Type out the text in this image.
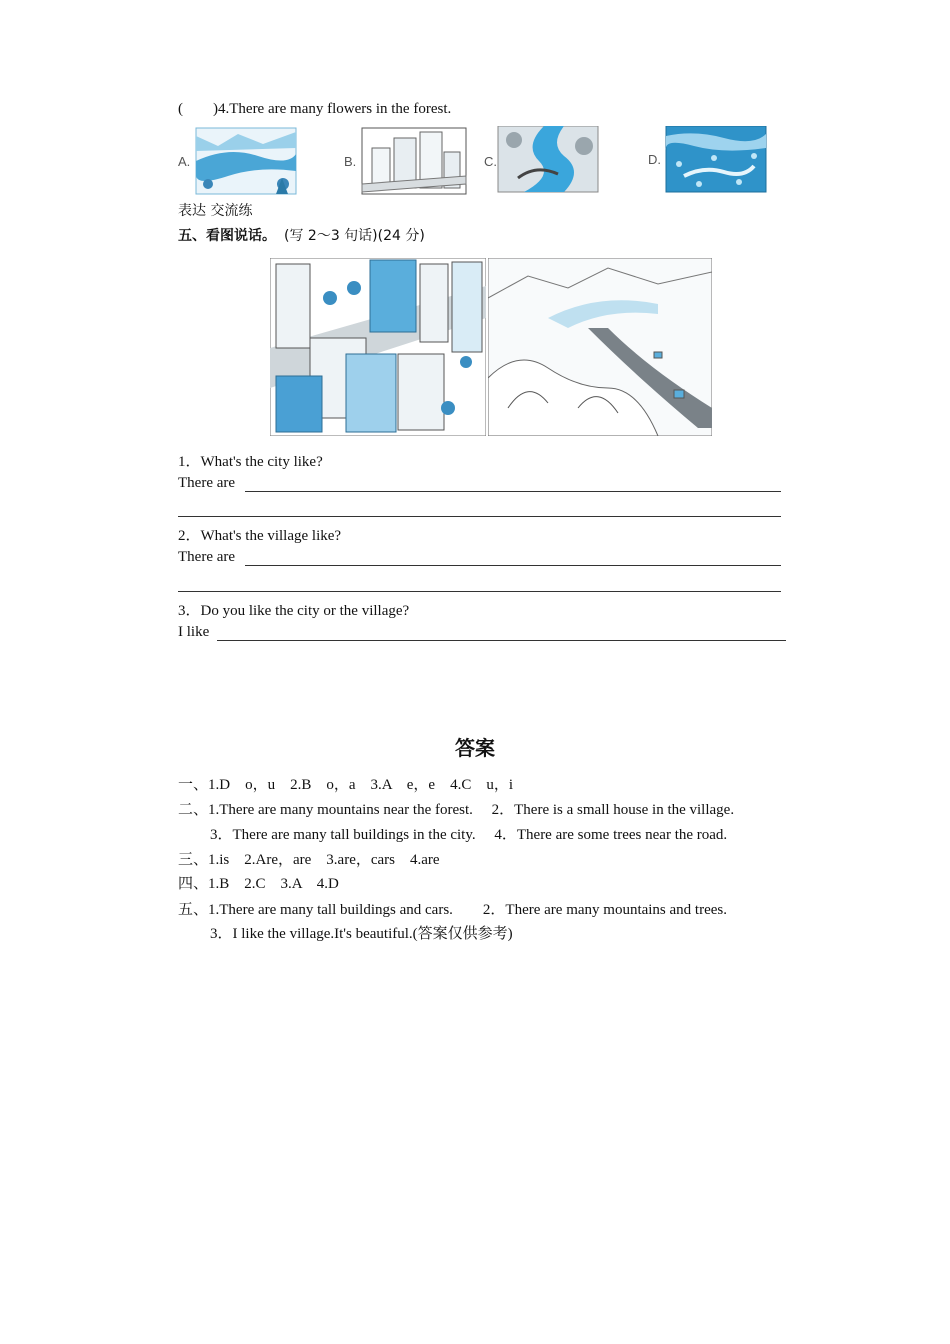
( )4.There are many flowers in the forest.
A.	B.	C.	D.
表达 交流练
五、看图说话。 (写 2～3 句话)(24 分)
1．What's the city like?
There are
2．What's the village like?
There are
3．Do you like the city or the village?
I like
答案
一、1.D　o，u　2.B　o，a　3.A　e，e　4.C　u，i
二、1.There are many mountains near the forest.　 2．There is a small house in the village.
3．There are many tall buildings in the city.　 4．There are some trees near the road.
三、1.is　2.Are，are　3.are，cars　4.are
四、1.B　2.C　3.A　4.D
五、1.There are many tall buildings and cars.　　2．There are many mountains and trees.
3．I like the village.It's beautiful.(答案仅供参考)
